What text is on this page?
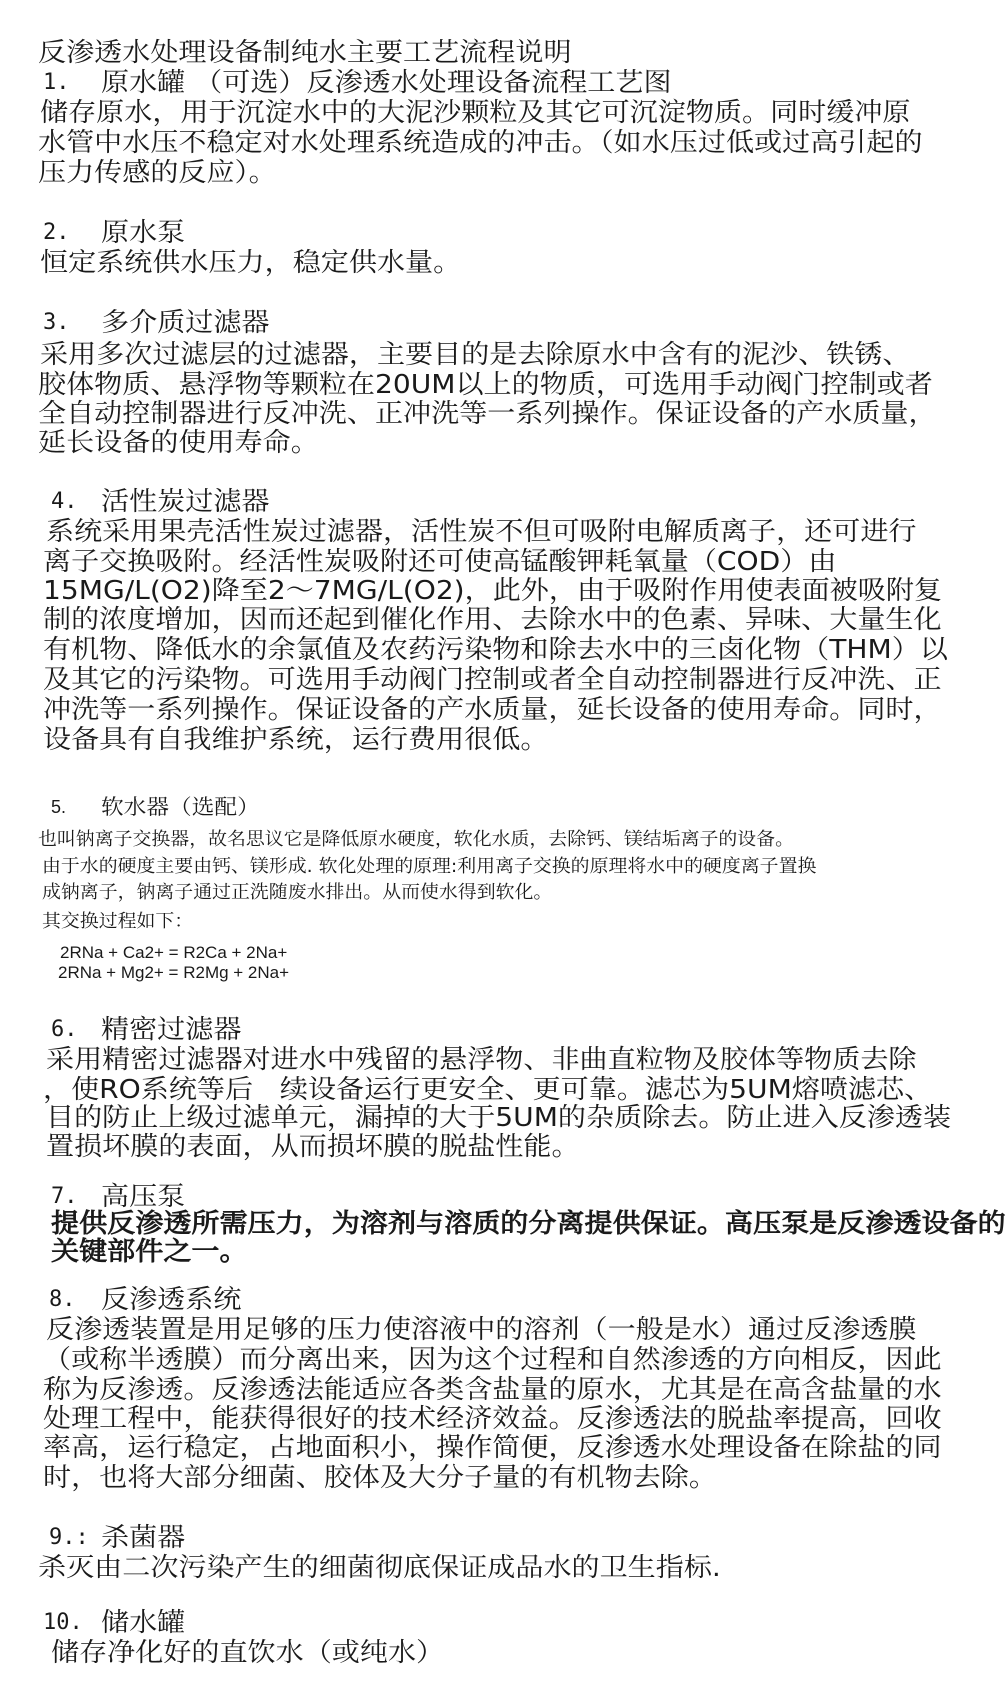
反渗透水处理设备制纯水主要工艺流程说明
1. 原水罐 （可选）反渗透水处理设备流程工艺图
储存原水，用于沉淀水中的大泥沙颗粒及其它可沉淀物质。同时缓冲原
水管中水压不稳定对水处理系统造成的冲击。（如水压过低或过高引起的
压力传感的反应）。
2. 原水泵
恒定系统供水压力，稳定供水量。
3. 多介质过滤器
采用多次过滤层的过滤器，主要目的是去除原水中含有的泥沙、铁锈、
胶体物质、悬浮物等颗粒在20UM以上的物质，可选用手动阀门控制或者
全自动控制器进行反冲洗、正冲洗等一系列操作。保证设备的产水质量，
延长设备的使用寿命。
4. 活性炭过滤器
系统采用果壳活性炭过滤器，活性炭不但可吸附电解质离子，还可进行
离子交换吸附。经活性炭吸附还可使高锰酸钾耗氧量（COD）由
15MG/L(O2)降至2～7MG/L(O2)，此外，由于吸附作用使表面被吸附复
制的浓度增加，因而还起到催化作用、去除水中的色素、异味、大量生化
有机物、降低水的余氯值及农药污染物和除去水中的三卤化物（THM）以
及其它的污染物。可选用手动阀门控制或者全自动控制器进行反冲洗、正
冲洗等一系列操作。保证设备的产水质量，延长设备的使用寿命。同时，
设备具有自我维护系统，运行费用很低。
5. 软水器（选配）
也叫钠离子交换器，故名思议它是降低原水硬度，软化水质，去除钙、镁结垢离子的设备。
由于水的硬度主要由钙、镁形成. 软化处理的原理:利用离子交换的原理将水中的硬度离子置换
成钠离子，钠离子通过正洗随废水排出。从而使水得到软化。
其交换过程如下：
2RNa + Ca2+ = R2Ca + 2Na+
2RNa + Mg2+ = R2Mg + 2Na+
6. 精密过滤器
采用精密过滤器对进水中残留的悬浮物、非曲直粒物及胶体等物质去除
，使RO系统等后   续设备运行更安全、更可靠。滤芯为5UM熔喷滤芯、
目的防止上级过滤单元，漏掉的大于5UM的杂质除去。防止进入反渗透装
置损坏膜的表面，从而损坏膜的脱盐性能。
7. 高压泵
提供反渗透所需压力，为溶剂与溶质的分离提供保证。高压泵是反渗透设备的
关键部件之一。
8. 反渗透系统
反渗透装置是用足够的压力使溶液中的溶剂（一般是水）通过反渗透膜
（或称半透膜）而分离出来，因为这个过程和自然渗透的方向相反，因此
称为反渗透。反渗透法能适应各类含盐量的原水，尤其是在高含盐量的水
处理工程中，能获得很好的技术经济效益。反渗透法的脱盐率提高，回收
率高，运行稳定，占地面积小，操作简便，反渗透水处理设备在除盐的同
时，也将大部分细菌、胶体及大分子量的有机物去除。
9.: 杀菌器
杀灭由二次污染产生的细菌彻底保证成品水的卫生指标.
10. 储水罐
储存净化好的直饮水（或纯水）
